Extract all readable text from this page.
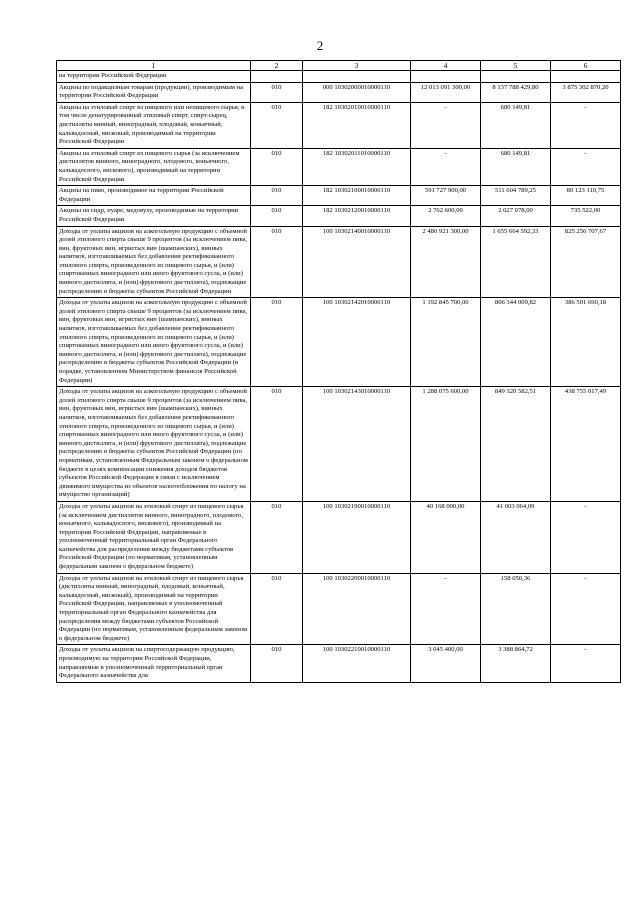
2
1	2	3	4	5	6
на территории Российской Федерации					
Акцизы по подакцизным товарам (продукции), производимым на территории Российской Федерации	010	000 10302000010000110	12 013 091 300,00	8 137 788 429,80	3 875 302 870,20
Акцизы на этиловый спирт из пищевого или непищевого сырья, в том числе денатурированный этиловый спирт, спирт-сырец, дистилляты винный, виноградный, плодовый, коньячный, кальвадосный, вискокый, производимый на территории Российской Федерации	010	182 10302010010000110	-	680 149,81	-
Акцизы на этиловый спирт из пищевого сырья (за исключением дистиллятов винного, виноградного, плодового, коньячного, кальвадосного, вискового), производимый на территории Российской Федерации	010	182 10302011010000110	-	680 149,81	-
Акцизы на пиво, производимое на территории Российской Федерации	010	182 10302100010000110	591 727 900,00	511 604 789,25	80 123 110,75
Акцизы на сидр, пуаре, медовуху, производимые на территории Российской Федерации	010	182 10302120010000110	2 762 600,00	2 027 078,00	735 522,00
Доходы от уплаты акцизов на алкогольную продукцию с объемной долей этилового спирта свыше 9 процентов (за исключением пива, вин, фруктовых вин, игристых вин (шампанских), винных напитков, изготавливаемых без добавления ректификованного этилового спирта, произведенного из пищевого сырья, и (или) спиртованных виноградного или иного фруктового сусла, и (или) винного дистиллята, и (или) фруктового дистиллята), подлежащие распределению в бюджеты субъектов Российской Федерации	010	100 10302140010000110	2 480 921 300,00	1 655 664 592,33	825 256 707,67
Доходы от уплаты акцизов на алкогольную продукцию с объемной долей этилового спирта свыше 9 процентов (за исключением пива, вин, фруктовых вин, игристых вин (шампанских), винных напитков, изготавливаемых без добавления ректификованного этилового спирта, произведенного из пищевого сырья, и (или) спиртованных виноградного или иного фруктового сусла, и (или) винного дистиллята, и (или) фруктового дистиллята), подлежащие распределению в бюджеты субъектов Российской Федерации (в порядке, установленном Министерством финансов Российской Федерации)	010	100 10302142010000110	1 192 845 700,00	806 344 009,82	386 501 690,18
Доходы от уплаты акцизов на алкогольную продукцию с объемной долей этилового спирта свыше 9 процентов (за исключением пива, вин, фруктовых вин, игристых вин (шампанских), винных напитков, изготавливаемых без добавления ректификованного этилового спирта, произведенного из пищевого сырья, и (или) спиртованных виноградного или иного фруктового сусла, и (или) винного дистиллята, и (или) фруктового дистиллята), подлежащие распределению в бюджеты субъектов Российской Федерации (по нормативам, установленным Федеральным законом о федеральном бюджете в целях компенсации снижения доходов бюджетов субъектов Российской Федерации в связи с исключением движимого имущества из объектов налогообложения по налогу на имущество организаций)	010	100 10302143010000110	1 288 075 600,00	849 320 582,51	438 755 017,49
Доходы от уплаты акцизов на этиловый спирт из пищевого сырья (за исключением дистиллятов винного, виноградного, плодового, коньячного, кальвадосного, вискового), производимый на территории Российской Федерации, направляемые в уполномоченный территориальный орган Федерального казначейства для распределения между бюджетами субъектов Российской Федерации (по нормативам, установленным федеральным законом о федеральном бюджете)	010	100 10302190010000110	40 168 000,00	41 003 064,09	-
Доходы от уплаты акцизов на этиловый спирт из пищевого сырья (дистилляты винный, виноградный, плодовый, коньячный, кальвадосный, вискокый), производимый на территории Российской Федерации, направляемые в уполномоченный территориальный орган Федерального казначейства для распределения между бюджетами субъектов Российской Федерации (по нормативам, установленным федеральным законом о федеральном бюджете)	010	100 10302200010000110	-	158 050,36	-
Доходы от уплаты акцизов на спиртосодержащую продукцию, производимую на территории Российской Федерации, направляемые в уполномоченный территориальный орган Федерального казначейства для	010	100 10302210010000110	3 045 400,00	3 388 864,72	-
